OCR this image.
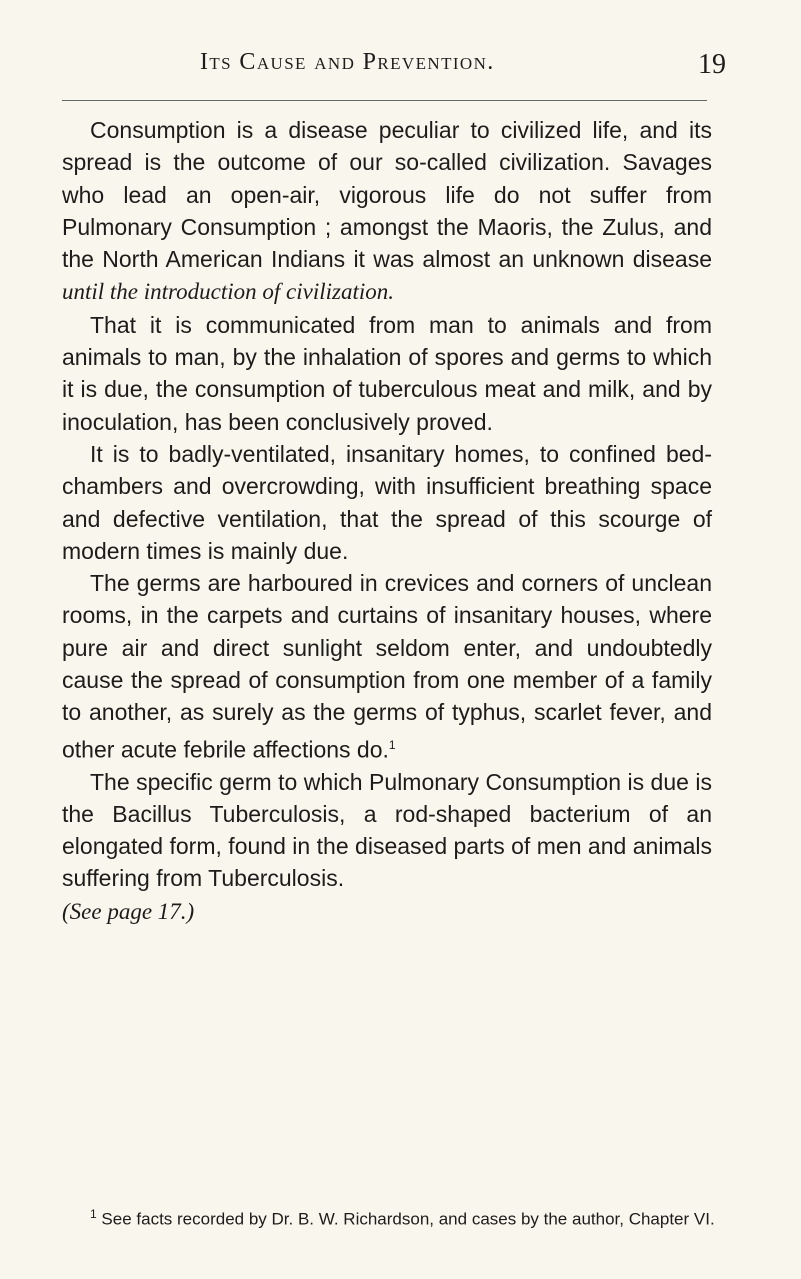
Its Cause and Prevention.	19

Consumption is a disease peculiar to civilized life, and its spread is the outcome of our so-called civilization. Savages who lead an open-air, vigorous life do not suffer from Pulmonary Consumption ; amongst the Maoris, the Zulus, and the North American Indians it was almost an unknown disease until the introduction of civilization.

That it is communicated from man to animals and from animals to man, by the inhalation of spores and germs to which it is due, the consumption of tuberculous meat and milk, and by inoculation, has been conclusively proved.

It is to badly-ventilated, insanitary homes, to confined bed-chambers and overcrowding, with insufficient breathing space and defective ventilation, that the spread of this scourge of modern times is mainly due.

The germs are harboured in crevices and corners of unclean rooms, in the carpets and curtains of insanitary houses, where pure air and direct sunlight seldom enter, and undoubtedly cause the spread of consumption from one member of a family to another, as surely as the germs of typhus, scarlet fever, and other acute febrile affections do.$^1$

The specific germ to which Pulmonary Consumption is due is the Bacillus Tuberculosis, a rod-shaped bacterium of an elongated form, found in the diseased parts of men and animals suffering from Tuberculosis.
(See page 17.)

$^1$ See facts recorded by Dr. B. W. Richardson, and cases by the author, Chapter VI.
